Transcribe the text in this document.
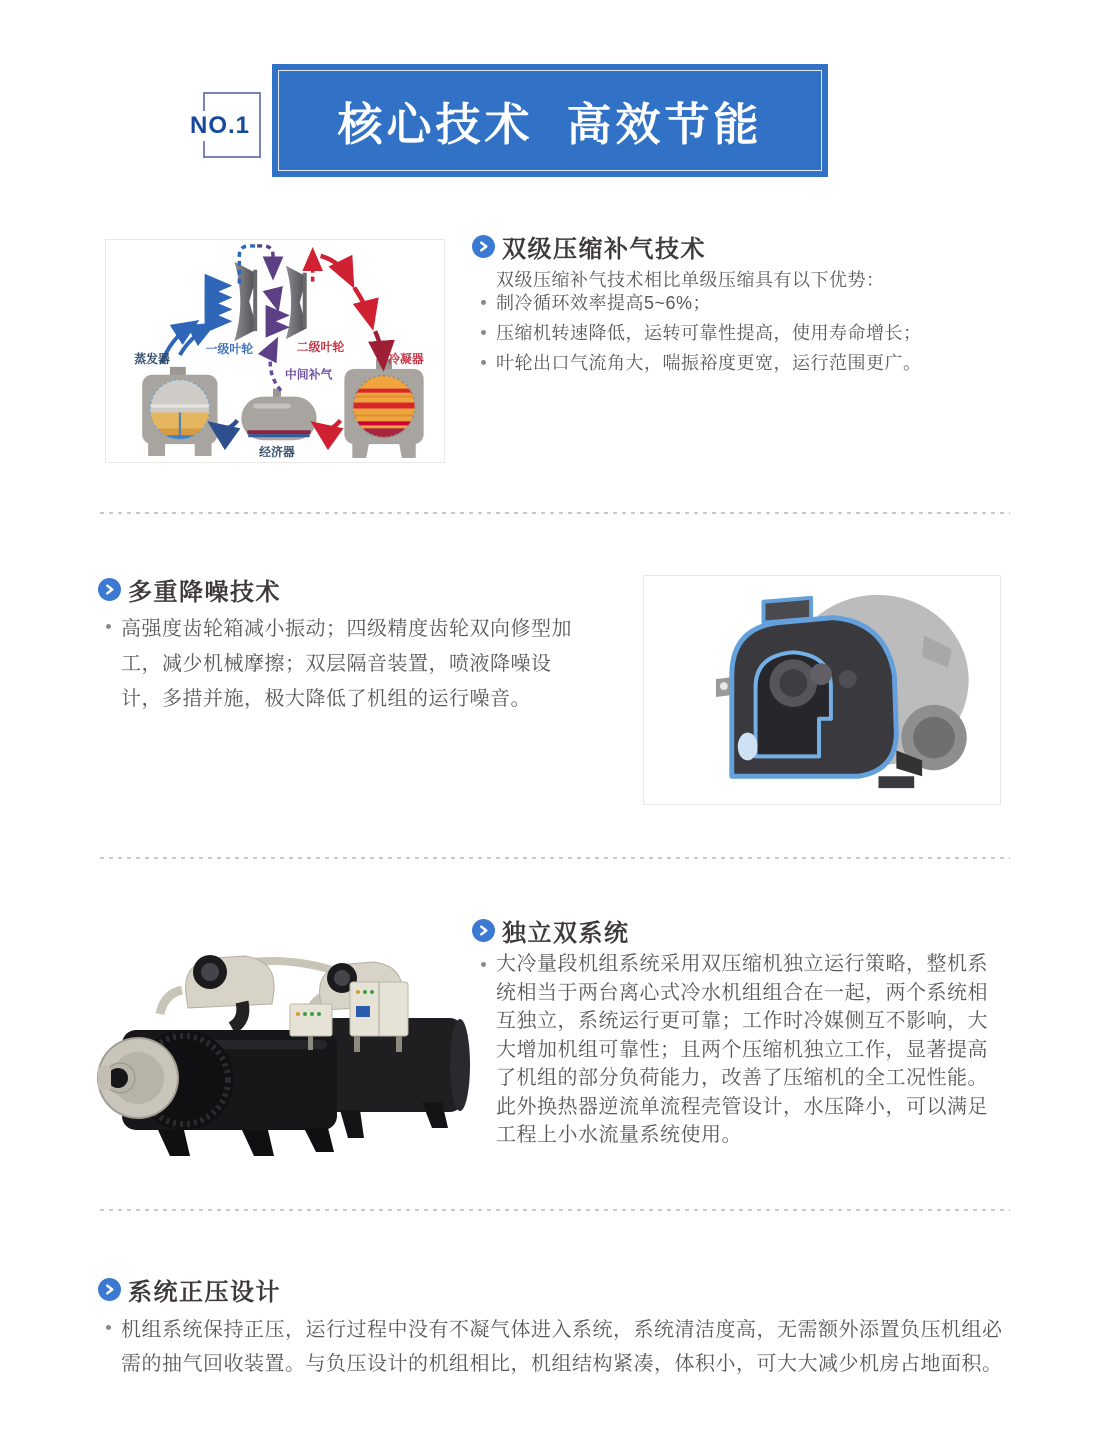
NO.1 核心技术  高效节能
蒸发器
一级叶轮	二级叶轮
中间补气
经济器
冷凝器
双级压缩补气技术
双级压缩补气技术相比单级压缩具有以下优势：
制冷循环效率提高5~6%；
压缩机转速降低，运转可靠性提高，使用寿命增长；
叶轮出口气流角大，喘振裕度更宽，运行范围更广。
多重降噪技术
高强度齿轮箱减小振动；四级精度齿轮双向修型加工，减少机械摩擦；双层隔音装置，喷液降噪设计，多措并施，极大降低了机组的运行噪音。
独立双系统
大冷量段机组系统采用双压缩机独立运行策略，整机系统相当于两台离心式冷水机组组合在一起，两个系统相互独立，系统运行更可靠；工作时冷媒侧互不影响，大大增加机组可靠性；且两个压缩机独立工作，显著提高了机组的部分负荷能力，改善了压缩机的全工况性能。此外换热器逆流单流程壳管设计，水压降小，可以满足工程上小水流量系统使用。
系统正压设计
机组系统保持正压，运行过程中没有不凝气体进入系统，系统清洁度高，无需额外添置负压机组必需的抽气回收装置。与负压设计的机组相比，机组结构紧凑，体积小，可大大减少机房占地面积。
